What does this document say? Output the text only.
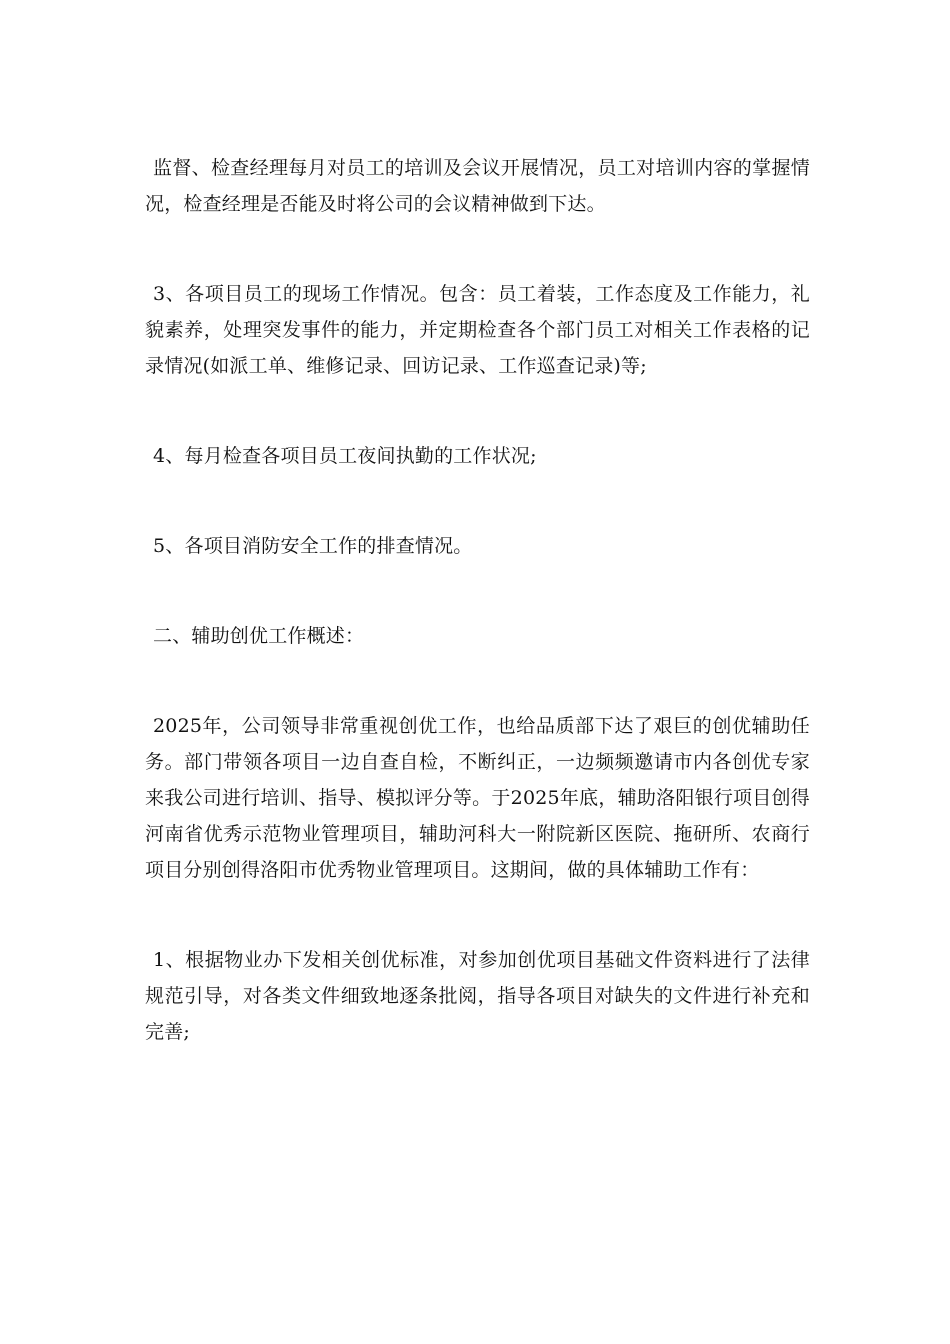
监督、检查经理每月对员工的培训及会议开展情况，员工对培训内容的掌握情况，检查经理是否能及时将公司的会议精神做到下达。

3、各项目员工的现场工作情况。包含：员工着装，工作态度及工作能力，礼貌素养，处理突发事件的能力，并定期检查各个部门员工对相关工作表格的记录情况(如派工单、维修记录、回访记录、工作巡查记录)等;

4、每月检查各项目员工夜间执勤的工作状况;

5、各项目消防安全工作的排查情况。

二、辅助创优工作概述：

2025年，公司领导非常重视创优工作，也给品质部下达了艰巨的创优辅助任务。部门带领各项目一边自查自检，不断纠正，一边频频邀请市内各创优专家来我公司进行培训、指导、模拟评分等。于2025年底，辅助洛阳银行项目创得河南省优秀示范物业管理项目，辅助河科大一附院新区医院、拖研所、农商行项目分别创得洛阳市优秀物业管理项目。这期间，做的具体辅助工作有：

1、根据物业办下发相关创优标准，对参加创优项目基础文件资料进行了法律规范引导，对各类文件细致地逐条批阅，指导各项目对缺失的文件进行补充和完善;
